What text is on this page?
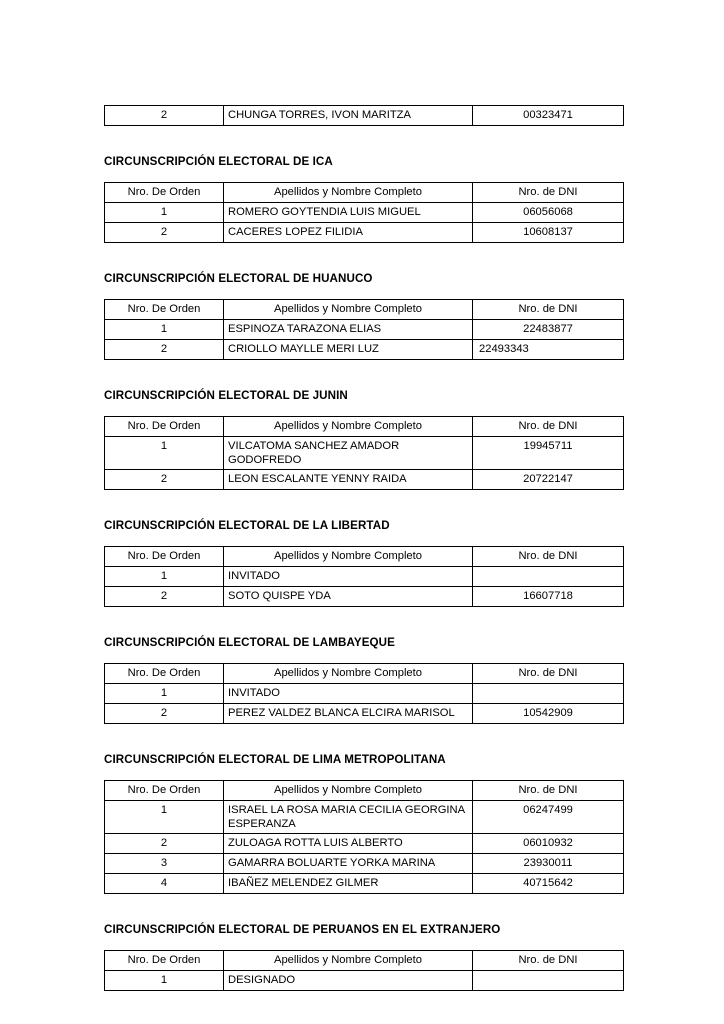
2	CHUNGA TORRES, IVON MARITZA	00323471
CIRCUNSCRIPCIÓN ELECTORAL DE ICA
Nro. De Orden	Apellidos y Nombre Completo	Nro. de DNI
1	ROMERO GOYTENDIA LUIS MIGUEL	06056068
2	CACERES LOPEZ FILIDIA	10608137
CIRCUNSCRIPCIÓN ELECTORAL DE HUANUCO
Nro. De Orden	Apellidos y Nombre Completo	Nro. de DNI
1	ESPINOZA TARAZONA ELIAS	22483877
2	CRIOLLO MAYLLE MERI LUZ	22493343
CIRCUNSCRIPCIÓN ELECTORAL DE JUNIN
Nro. De Orden	Apellidos y Nombre Completo	Nro. de DNI
1	VILCATOMA SANCHEZ AMADOR GODOFREDO	19945711
2	LEON ESCALANTE YENNY RAIDA	20722147
CIRCUNSCRIPCIÓN ELECTORAL DE LA LIBERTAD
Nro. De Orden	Apellidos y Nombre Completo	Nro. de DNI
1	INVITADO	
2	SOTO QUISPE YDA	16607718
CIRCUNSCRIPCIÓN ELECTORAL DE LAMBAYEQUE
Nro. De Orden	Apellidos y Nombre Completo	Nro. de DNI
1	INVITADO	
2	PEREZ VALDEZ BLANCA ELCIRA MARISOL	10542909
CIRCUNSCRIPCIÓN ELECTORAL DE LIMA METROPOLITANA
Nro. De Orden	Apellidos y Nombre Completo	Nro. de DNI
1	ISRAEL LA ROSA MARIA CECILIA GEORGINA ESPERANZA	06247499
2	ZULOAGA ROTTA LUIS ALBERTO	06010932
3	GAMARRA BOLUARTE YORKA MARINA	23930011
4	IBAÑEZ MELENDEZ GILMER	40715642
CIRCUNSCRIPCIÓN ELECTORAL DE PERUANOS EN EL EXTRANJERO
Nro. De Orden	Apellidos y Nombre Completo	Nro. de DNI
1	DESIGNADO	
